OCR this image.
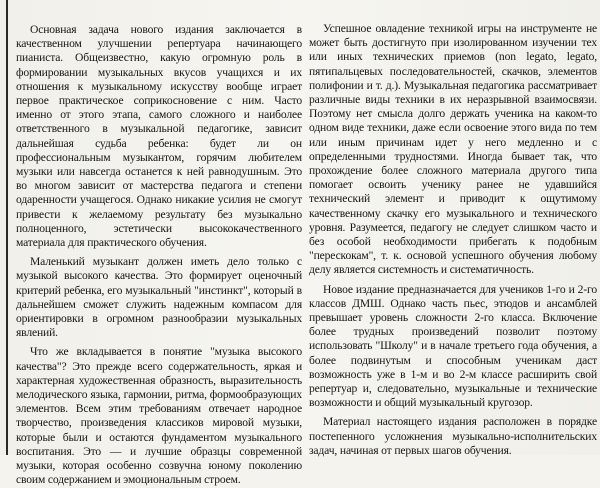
Основная задача нового издания заключается в качественном улучшении репертуара начинающего пианиста. Общеизвестно, какую огромную роль в формировании музыкальных вкусов учащихся и их отношения к музыкальному искусству вообще играет первое практическое соприкосновение с ним. Часто именно от этого этапа, самого сложного и наиболее ответственного в музыкальной педагогике, зависит дальнейшая судьба ребенка: будет ли он профессиональным музыкантом, горячим любителем музыки или навсегда останется к ней равнодушным. Это во многом зависит от мастерства педагога и степени одаренности учащегося. Однако никакие усилия не смогут привести к желаемому результату без музыкально полноценного, эстетически высококачественного материала для практического обучения.

Маленький музыкант должен иметь дело только с музыкой высокого качества. Это формирует оценочный критерий ребенка, его музыкальный "инстинкт", который в дальнейшем сможет служить надежным компасом для ориентировки в огромном разнообразии музыкальных явлений.

Что же вкладывается в понятие "музыка высокого качества"? Это прежде всего содержательность, яркая и характерная художественная образность, выразительность мелодического языка, гармонии, ритма, формообразующих элементов. Всем этим требованиям отвечает народное творчество, произведения классиков мировой музыки, которые были и остаются фундаментом музыкального воспитания. Это — и лучшие образцы современной музыки, которая особенно созвучна юному поколению своим содержанием и эмоциональным строем.

Успешное овладение техникой игры на инструменте не может быть достигнуто при изолированном изучении тех или иных технических приемов (non legato, legato, пятипальцевых последовательностей, скачков, элементов полифонии и т. д.). Музыкальная педагогика рассматривает различные виды техники в их неразрывной взаимосвязи. Поэтому нет смысла долго держать ученика на каком-то одном виде техники, даже если освоение этого вида по тем или иным причинам идет у него медленно и с определенными трудностями. Иногда бывает так, что прохождение более сложного материала другого типа помогает освоить ученику ранее не удавшийся технический элемент и приводит к ощутимому качественному скачку его музыкального и технического уровня. Разумеется, педагогу не следует слишком часто и без особой необходимости прибегать к подобным "перескокам", т. к. основой успешного обучения любому делу является системность и систематичность.

Новое издание предназначается для учеников 1-го и 2-го классов ДМШ. Однако часть пьес, этюдов и ансамблей превышает уровень сложности 2-го класса. Включение более трудных произведений позволит поэтому использовать "Школу" и в начале третьего года обучения, а более подвинутым и способным ученикам даст возможность уже в 1-м и во 2-м классе расширить свой репертуар и, следовательно, музыкальные и технические возможности и общий музыкальный кругозор.

Материал настоящего издания расположен в порядке постепенного усложнения музыкально-исполнительских задач, начиная от первых шагов обучения.
